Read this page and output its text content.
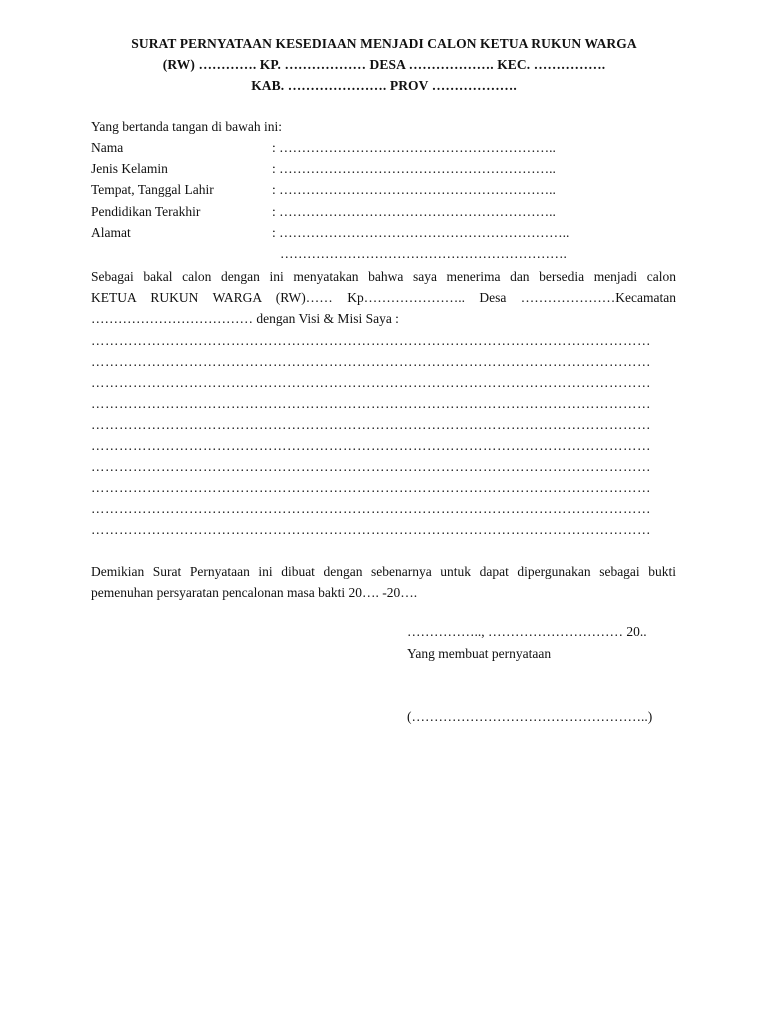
SURAT PERNYATAAN KESEDIAAN MENJADI CALON KETUA RUKUN WARGA
(RW) …………. KP. ……………… DESA ………………. KEC. …………….
KAB. …………………. PROV ……………….
Yang bertanda tangan di bawah ini:
Nama	: ……………………………………………………..
Jenis Kelamin	: ……………………………………………………..
Tempat, Tanggal Lahir	: ……………………………………………………..
Pendidikan Terakhir	: ……………………………………………………..
Alamat	: ………………………………………………………..
……………………………………………………….
Sebagai bakal calon dengan ini menyatakan bahwa saya menerima dan bersedia menjadi calon
KETUA RUKUN WARGA (RW)…… Kp………………….. Desa …………………Kecamatan
……………………………… dengan Visi & Misi Saya :
…………………………………………………………………………………………………………
…………………………………………………………………………………………………………
…………………………………………………………………………………………………………
…………………………………………………………………………………………………………
…………………………………………………………………………………………………………
…………………………………………………………………………………………………………
…………………………………………………………………………………………………………
…………………………………………………………………………………………………………
…………………………………………………………………………………………………………
…………………………………………………………………………………………………………
Demikian Surat Pernyataan ini dibuat dengan sebenarnya untuk dapat dipergunakan sebagai bukti
pemenuhan persyaratan pencalonan masa bakti 20…. -20….
…………….., ………………………… 20..
Yang membuat pernyataan
(……………………………………………..)
